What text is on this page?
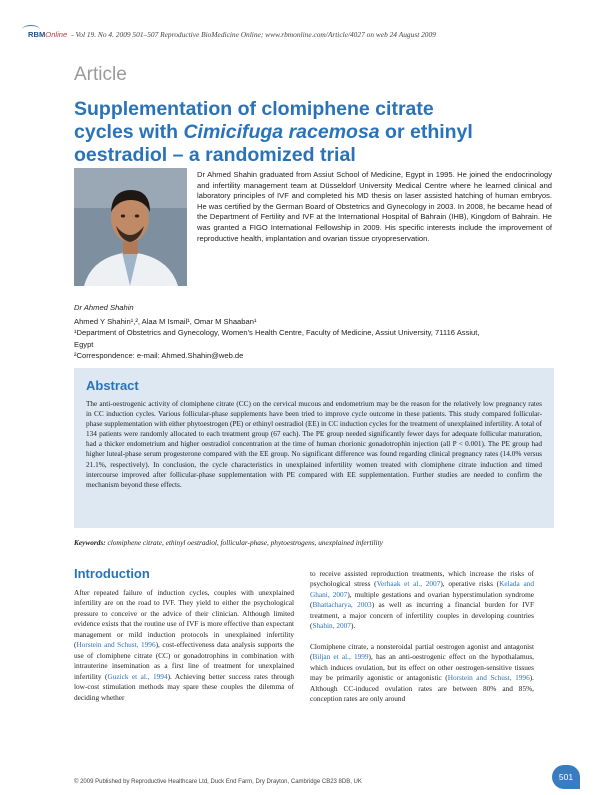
RBMOnline - Vol 19. No 4. 2009 501–507 Reproductive BioMedicine Online; www.rbmonline.com/Article/4027 on web 24 August 2009
Article
Supplementation of clomiphene citrate cycles with Cimicifuga racemosa or ethinyl oestradiol – a randomized trial

Dr Ahmed Shahin graduated from Assiut School of Medicine, Egypt in 1995. He joined the endocrinology and infertility management team at Düsseldorf University Medical Centre where he learned clinical and laboratory principles of IVF and completed his MD thesis on laser assisted hatching of human embryos. He was certified by the German Board of Obstetrics and Gynecology in 2003. In 2008, he became head of the Department of Fertility and IVF at the International Hospital of Bahrain (IHB), Kingdom of Bahrain. He was granted a FIGO International Fellowship in 2009. His specific interests include the improvement of reproductive health, implantation and ovarian tissue cryopreservation.

Dr Ahmed Shahin
Ahmed Y Shahin¹,², Alaa M Ismail¹, Omar M Shaaban¹
¹Department of Obstetrics and Gynecology, Women's Health Centre, Faculty of Medicine, Assiut University, 71116 Assiut, Egypt
²Correspondence: e-mail: Ahmed.Shahin@web.de
Abstract

The anti-oestrogenic activity of clomiphene citrate (CC) on the cervical mucous and endometrium may be the reason for the relatively low pregnancy rates in CC induction cycles. Various follicular-phase supplements have been tried to improve cycle outcome in these patients. This study compared follicular-phase supplementation with either phytoestrogen (PE) or ethinyl oestradiol (EE) in CC induction cycles for the treatment of unexplained infertility. A total of 134 patients were randomly allocated to each treatment group (67 each). The PE group needed significantly fewer days for adequate follicular maturation, had a thicker endometrium and higher oestradiol concentration at the time of human chorionic gonadotrophin injection (all P < 0.001). The PE group had higher luteal-phase serum progesterone compared with the EE group. No significant difference was found regarding clinical pregnancy rates (14.0% versus 21.1%, respectively). In conclusion, the cycle characteristics in unexplained infertility women treated with clomiphene citrate induction and timed intercourse improved after follicular-phase supplementation with PE compared with EE supplementation. Further studies are needed to confirm the mechanism beyond these effects.

Keywords: clomiphene citrate, ethinyl oestradiol, follicular-phase, phytoestrogens, unexplained infertility
Introduction

After repeated failure of induction cycles, couples with unexplained infertility are on the road to IVF. They yield to either the psychological pressure to conceive or the advice of their clinician. Although limited evidence exists that the routine use of IVF is more effective than expectant management or mild induction protocols in unexplained infertility (Horstein and Schust, 1996), cost-effectiveness data analysis supports the use of clomiphene citrate (CC) or gonadotrophins in combination with intrauterine insemination as a first line of treatment for unexplained infertility (Guzick et al., 1994). Achieving better success rates through low-cost stimulation methods may spare these couples the dilemma of deciding whether

to receive assisted reproduction treatments, which increase the risks of psychological stress (Verhaak et al., 2007), operative risks (Kelada and Ghani, 2007), multiple gestations and ovarian hyperstimulation syndrome (Bhattacharya, 2003) as well as incurring a financial burden for IVF treatment, a major concern of infertility couples in developing countries (Shahin, 2007).

Clomiphene citrate, a nonsteroidal partial oestrogen agonist and antagonist (Biljan et al., 1999), has an anti-oestrogenic effect on the hypothalamus, which induces ovulation, but its effect on other oestrogen-sensitive tissues may be primarily agonistic or antagonistic (Horstein and Schust, 1996). Although CC-induced ovulation rates are between 80% and 85%, conception rates are only around

501
© 2009 Published by Reproductive Healthcare Ltd, Duck End Farm, Dry Drayton, Cambridge CB23 8DB, UK
